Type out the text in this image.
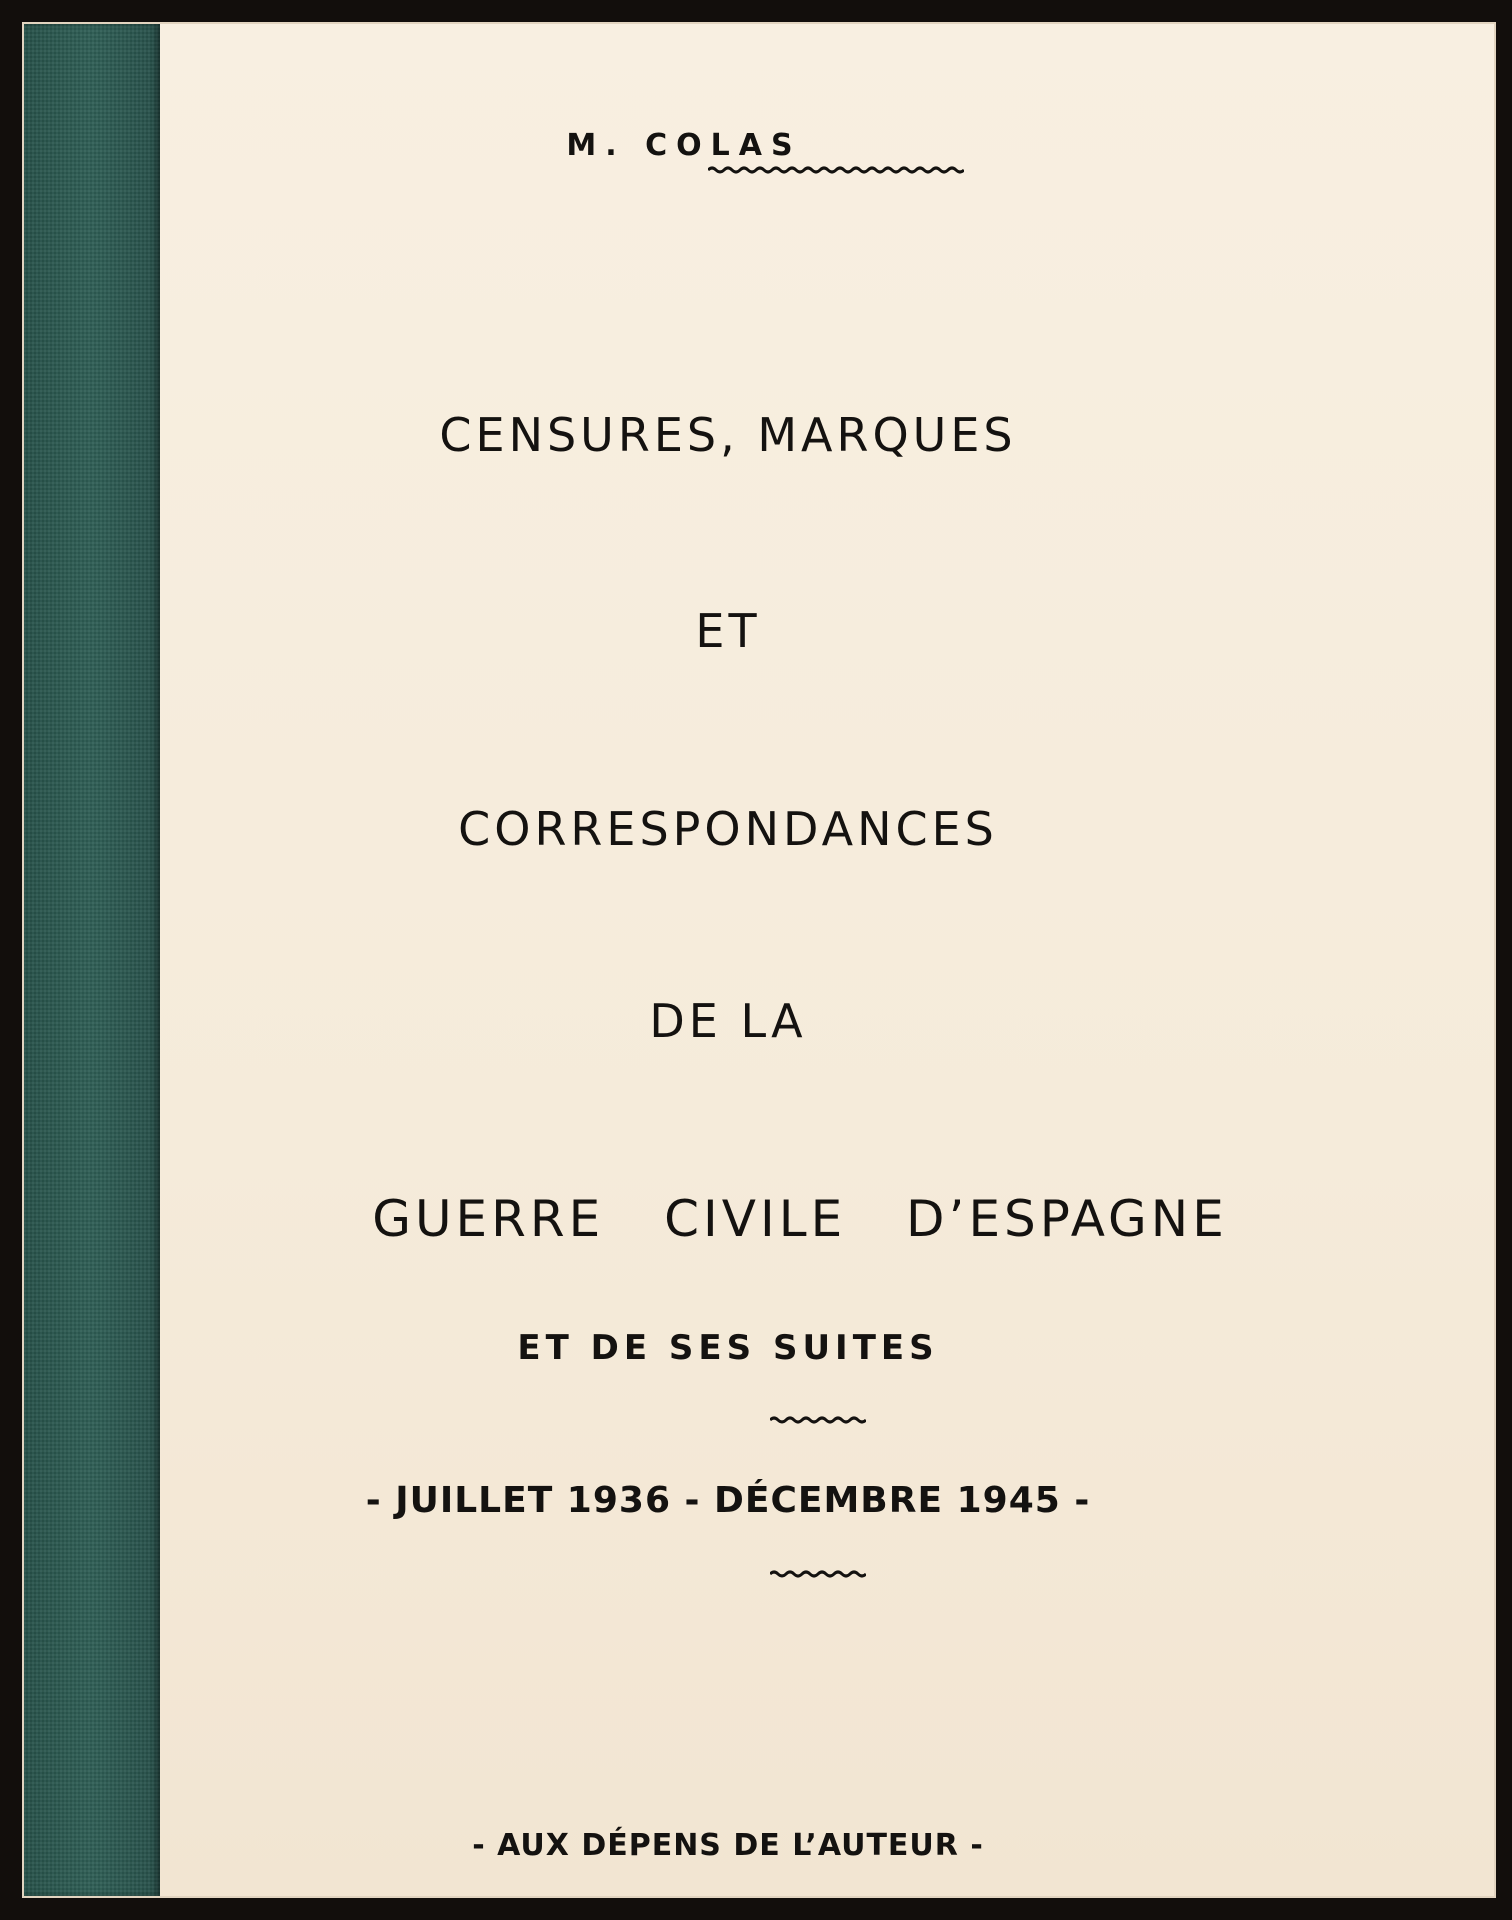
M. COLAS
CENSURES, MARQUES
ET
CORRESPONDANCES
DE LA
GUERRE CIVILE D’ESPAGNE
ET DE SES SUITES
- JUILLET 1936 - DÉCEMBRE 1945 -
- AUX DÉPENS DE L’AUTEUR -
